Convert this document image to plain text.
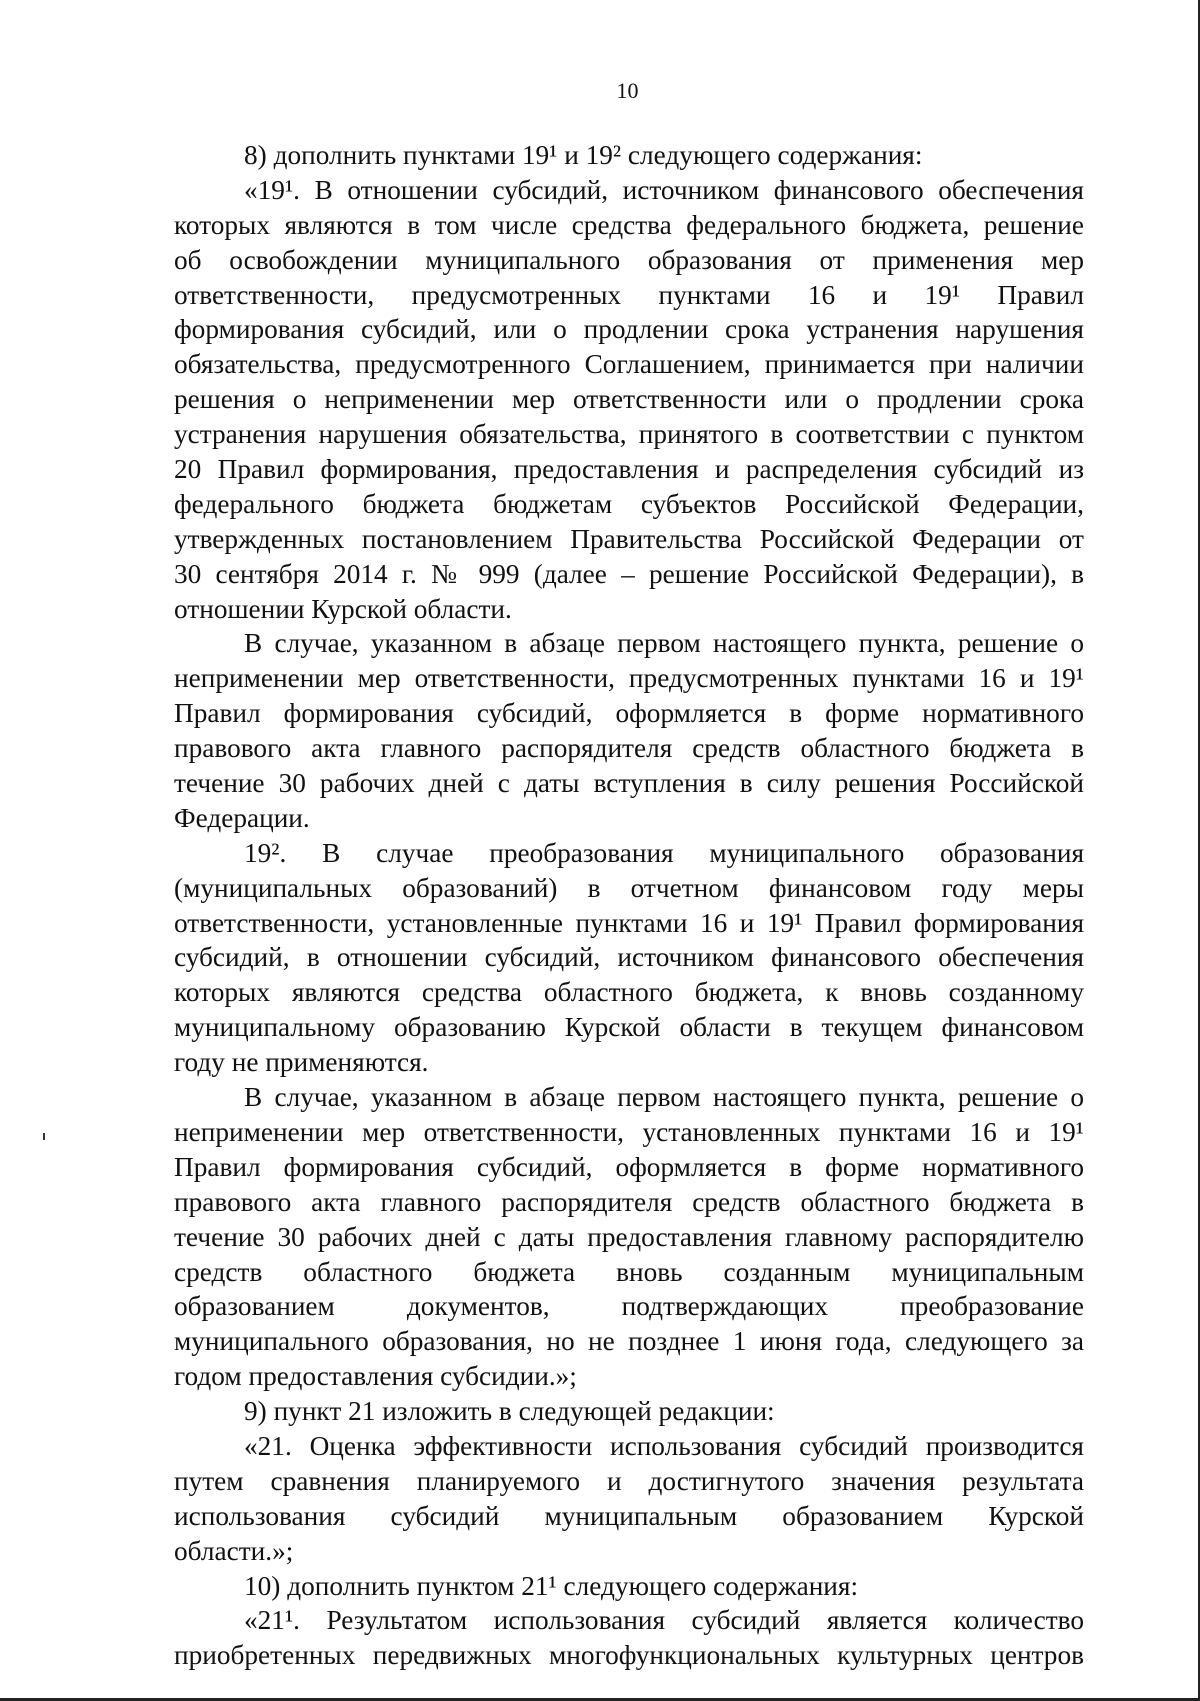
10
8) дополнить пунктами 19¹ и 19² следующего содержания:
«19¹. В отношении субсидий, источником финансового обеспечения
которых являются в том числе средства федерального бюджета, решение
об освобождении муниципального образования от применения мер
ответственности, предусмотренных пунктами 16 и 19¹ Правил
формирования субсидий, или о продлении срока устранения нарушения
обязательства, предусмотренного Соглашением, принимается при наличии
решения о неприменении мер ответственности или о продлении срока
устранения нарушения обязательства, принятого в соответствии с пунктом
20 Правил формирования, предоставления и распределения субсидий из
федерального бюджета бюджетам субъектов Российской Федерации,
утвержденных постановлением Правительства Российской Федерации от
30 сентября 2014 г. № 999 (далее – решение Российской Федерации), в
отношении Курской области.
В случае, указанном в абзаце первом настоящего пункта, решение о
неприменении мер ответственности, предусмотренных пунктами 16 и 19¹
Правил формирования субсидий, оформляется в форме нормативного
правового акта главного распорядителя средств областного бюджета в
течение 30 рабочих дней с даты вступления в силу решения Российской
Федерации.
19². В случае преобразования муниципального образования
(муниципальных образований) в отчетном финансовом году меры
ответственности, установленные пунктами 16 и 19¹ Правил формирования
субсидий, в отношении субсидий, источником финансового обеспечения
которых являются средства областного бюджета, к вновь созданному
муниципальному образованию Курской области в текущем финансовом
году не применяются.
В случае, указанном в абзаце первом настоящего пункта, решение о
неприменении мер ответственности, установленных пунктами 16 и 19¹
Правил формирования субсидий, оформляется в форме нормативного
правового акта главного распорядителя средств областного бюджета в
течение 30 рабочих дней с даты предоставления главному распорядителю
средств областного бюджета вновь созданным муниципальным
образованием документов, подтверждающих преобразование
муниципального образования, но не позднее 1 июня года, следующего за
годом предоставления субсидии.»;
9) пункт 21 изложить в следующей редакции:
«21. Оценка эффективности использования субсидий производится
путем сравнения планируемого и достигнутого значения результата
использования субсидий муниципальным образованием Курской
области.»;
10) дополнить пунктом 21¹ следующего содержания:
«21¹. Результатом использования субсидий является количество
приобретенных передвижных многофункциональных культурных центров
